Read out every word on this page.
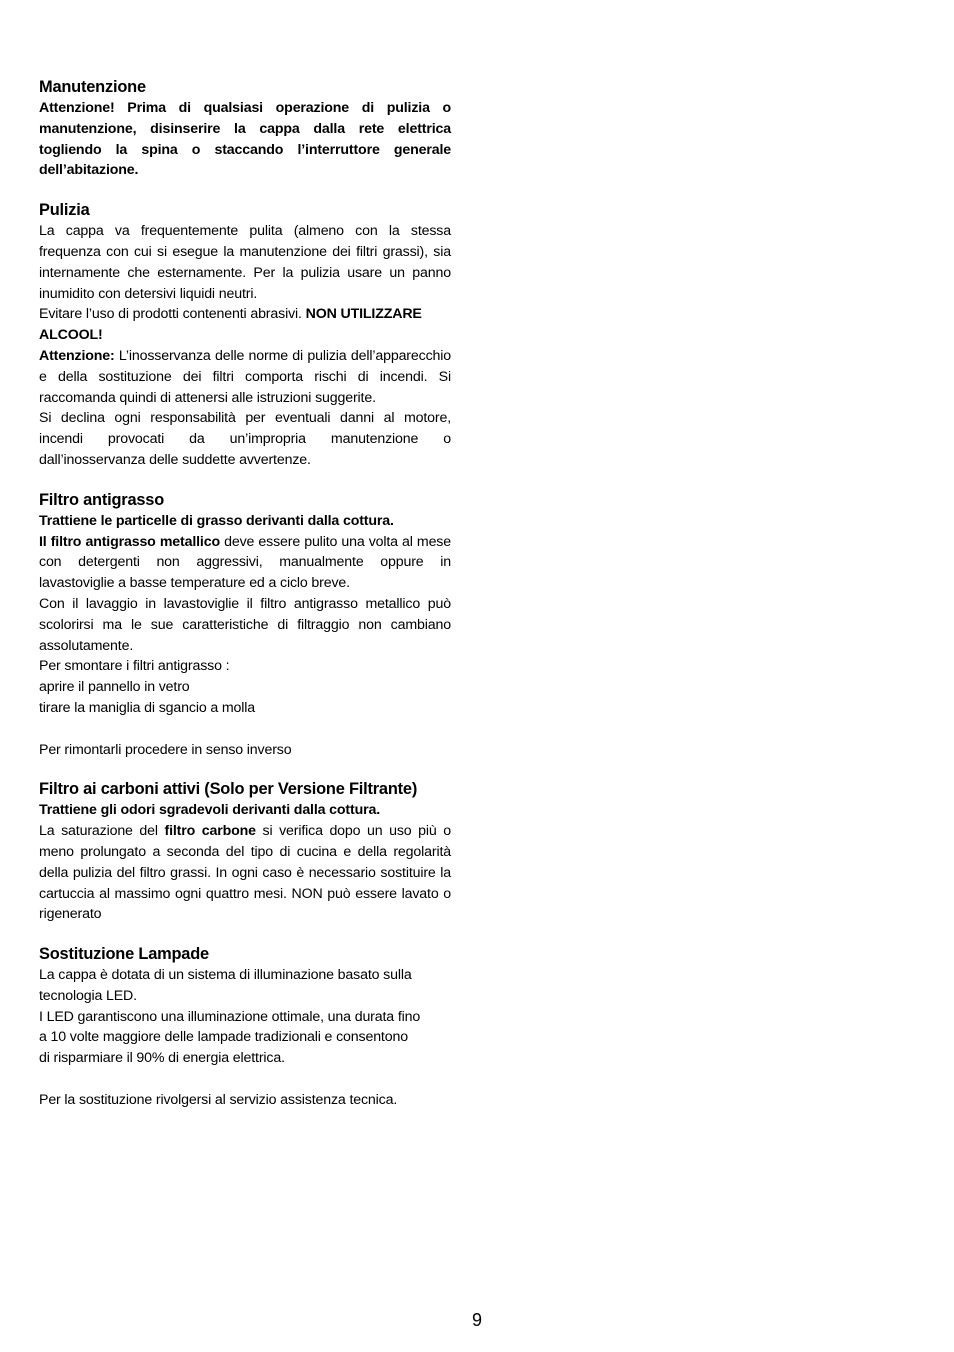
Manutenzione
Attenzione! Prima di qualsiasi operazione di pulizia o manutenzione, disinserire la cappa dalla rete elettrica togliendo la spina o staccando l’interruttore generale dell’abitazione.
Pulizia
La cappa va frequentemente pulita (almeno con la stessa frequenza con cui si esegue la manutenzione dei filtri grassi), sia internamente che esternamente. Per la pulizia usare un panno inumidito con detersivi liquidi neutri.
Evitare l’uso di prodotti contenenti abrasivi. NON UTILIZZARE ALCOOL!
Attenzione: L’inosservanza delle norme di pulizia dell’apparecchio e della sostituzione dei filtri comporta rischi di incendi. Si raccomanda quindi di attenersi alle istruzioni suggerite.
Si declina ogni responsabilità per eventuali danni al motore, incendi provocati da un’impropria manutenzione o dall’inosservanza delle suddette avvertenze.
Filtro antigrasso
Trattiene le particelle di grasso derivanti dalla cottura.
Il filtro antigrasso metallico deve essere pulito una volta al mese con detergenti non aggressivi, manualmente oppure in lavastoviglie a basse temperature ed a ciclo breve.
Con il lavaggio in lavastoviglie il filtro antigrasso metallico può scolorirsi ma le sue caratteristiche di filtraggio non cambiano assolutamente.
Per smontare i filtri antigrasso :
aprire il pannello in vetro
tirare la maniglia di sgancio a molla
Per rimontarli procedere in senso inverso
Filtro ai carboni attivi (Solo per Versione Filtrante)
Trattiene gli odori sgradevoli derivanti dalla cottura.
La saturazione del filtro carbone si verifica dopo un uso più o meno prolungato a seconda del tipo di cucina e della regolarità della pulizia del filtro grassi. In ogni caso è necessario sostituire la cartuccia al massimo ogni quattro mesi. NON può essere lavato o rigenerato
Sostituzione Lampade
La cappa è dotata di un sistema di illuminazione basato sulla
tecnologia LED.
I LED garantiscono una illuminazione ottimale, una durata fino
a 10 volte maggiore delle lampade tradizionali e consentono
di risparmiare il 90% di energia elettrica.
Per la sostituzione rivolgersi al servizio assistenza tecnica.
9
